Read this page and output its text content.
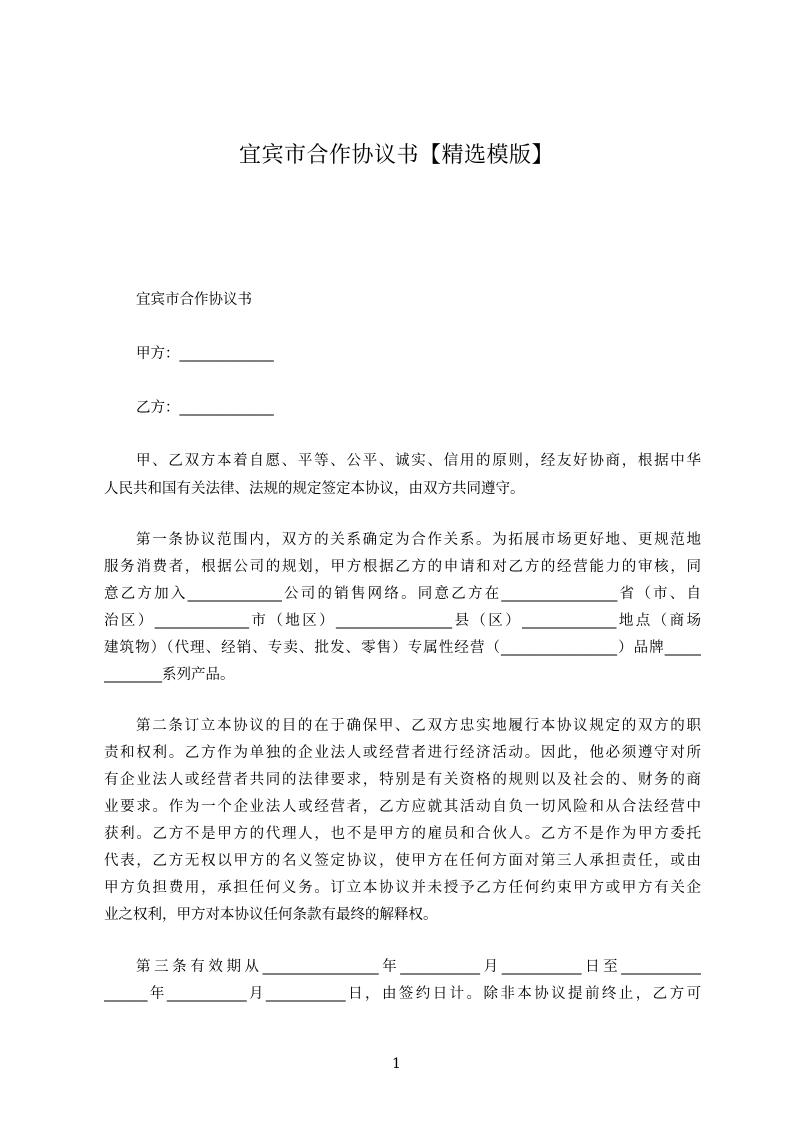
宜宾市合作协议书【精选模版】
宜宾市合作协议书
甲方：_____________
乙方：_____________
甲、乙双方本着自愿、平等、公平、诚实、信用的原则，经友好协商，根据中华
人民共和国有关法律、法规的规定签定本协议，由双方共同遵守。
第一条协议范围内，双方的关系确定为合作关系。为拓展市场更好地、更规范地
服务消费者，根据公司的规划，甲方根据乙方的申请和对乙方的经营能力的审核，同
意乙方加入_____________公司的销售网络。同意乙方在________________省（市、自
治区）_____________市（地区）________________县（区）_____________地点（商场
建筑物）（代理、经销、专卖、批发、零售）专属性经营（________________）品牌_____
________系列产品。
第二条订立本协议的目的在于确保甲、乙双方忠实地履行本协议规定的双方的职
责和权利。乙方作为单独的企业法人或经营者进行经济活动。因此，他必须遵守对所
有企业法人或经营者共同的法律要求，特别是有关资格的规则以及社会的、财务的商
业要求。作为一个企业法人或经营者，乙方应就其活动自负一切风险和从合法经营中
获利。乙方不是甲方的代理人，也不是甲方的雇员和合伙人。乙方不是作为甲方委托
代表，乙方无权以甲方的名义签定协议，使甲方在任何方面对第三人承担责任，或由
甲方负担费用，承担任何义务。订立本协议并未授予乙方任何约束甲方或甲方有关企
业之权利，甲方对本协议任何条款有最终的解释权。
第三条有效期从________________年___________月___________日至___________
______年___________月___________日，由签约日计。除非本协议提前终止，乙方可
1
